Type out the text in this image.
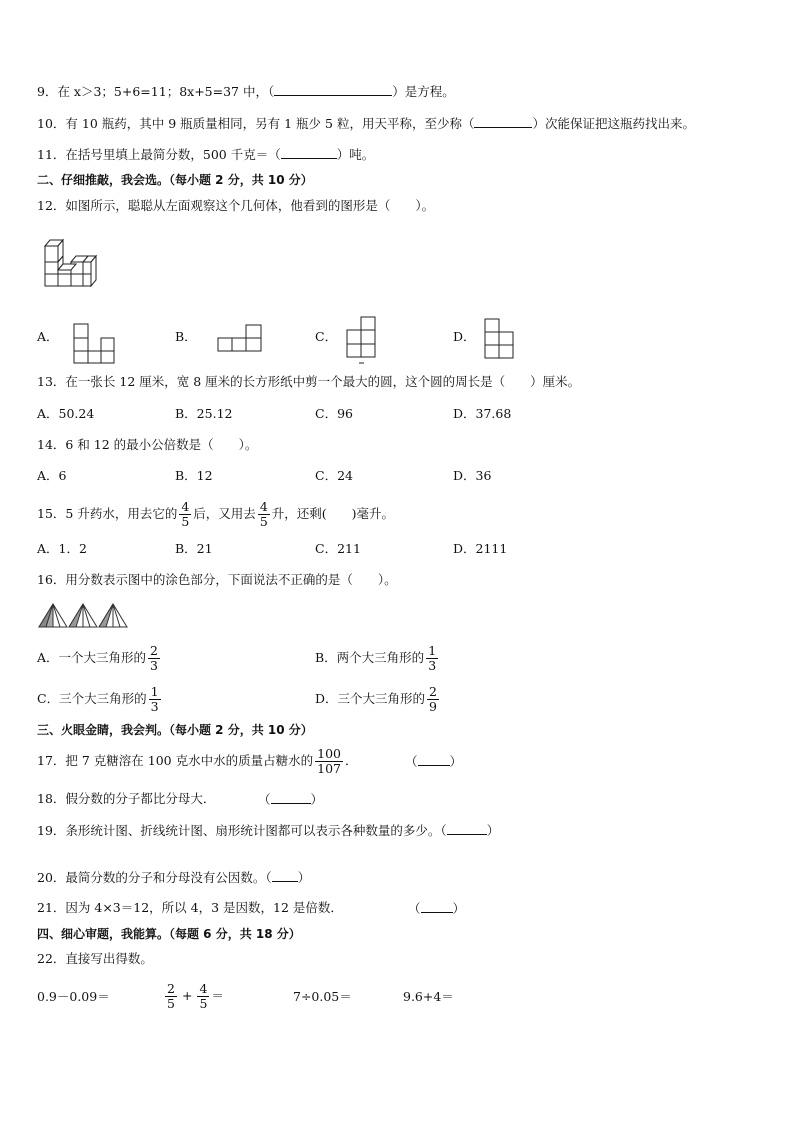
9．在 x＞3；5+6=11；8x+5=37 中，（	）是方程。
10．有 10 瓶药，其中 9 瓶质量相同，另有 1 瓶少 5 粒，用天平称，至少称（	）次能保证把这瓶药找出来。
11．在括号里填上最简分数，500 千克＝（	）吨。
二、仔细推敲，我会选。（每小题 2 分，共 10 分）
12．如图所示，聪聪从左面观察这个几何体，他看到的图形是（　　）。
A．	B．	C．	D．
13．在一张长 12 厘米，宽 8 厘米的长方形纸中剪一个最大的圆，这个圆的周长是（　　）厘米。
A．50.24	B．25.12	C．96	D．37.68
14．6 和 12 的最小公倍数是（　　）。
A．6	B．12	C．24	D．36
15．5 升药水，用去它的 $\frac{4}{5}$ 后，又用去 $\frac{4}{5}$ 升，还剩(　　)毫升。
A．1．2	B．21	C．211	D．2111
16．用分数表示图中的涂色部分，下面说法不正确的是（　　）。
A．一个大三角形的 $\frac{2}{3}$	B．两个大三角形的 $\frac{1}{3}$
C．三个大三角形的 $\frac{1}{3}$	D．三个大三角形的 $\frac{2}{9}$
三、火眼金睛，我会判。（每小题 2 分，共 10 分）
17．把 7 克糖溶在 100 克水中水的质量占糖水的 $\frac{100}{107}$ ．	（	）
18．假分数的分子都比分母大．	（	）
19．条形统计图、折线统计图、扇形统计图都可以表示各种数量的多少。（	）
20．最简分数的分子和分母没有公因数。（ ）
21．因为 4×3＝12，所以 4，3 是因数，12 是倍数．	（	）
四、细心审题，我能算。（每题 6 分，共 18 分）
22．直接写出得数。
0.9－0.09＝	$\frac{2}{5} + \frac{4}{5}$ ＝	7÷0.05＝	9.6+4＝
